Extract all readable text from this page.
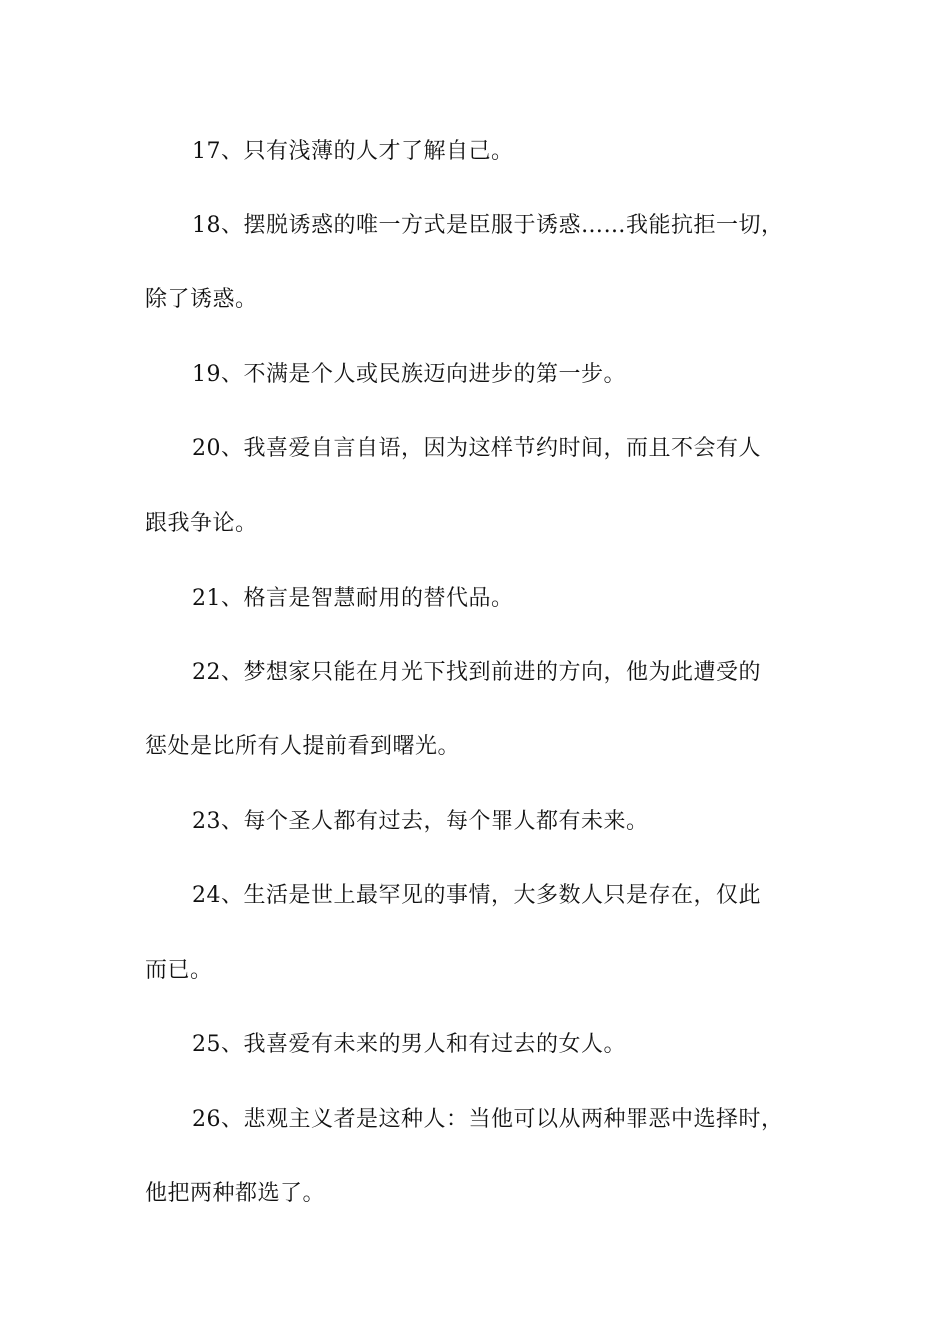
17、只有浅薄的人才了解自己。
18、摆脱诱惑的唯一方式是臣服于诱惑……我能抗拒一切，
除了诱惑。
19、不满是个人或民族迈向进步的第一步。
20、我喜爱自言自语，因为这样节约时间，而且不会有人
跟我争论。
21、格言是智慧耐用的替代品。
22、梦想家只能在月光下找到前进的方向，他为此遭受的
惩处是比所有人提前看到曙光。
23、每个圣人都有过去，每个罪人都有未来。
24、生活是世上最罕见的事情，大多数人只是存在，仅此
而已。
25、我喜爱有未来的男人和有过去的女人。
26、悲观主义者是这种人：当他可以从两种罪恶中选择时，
他把两种都选了。
